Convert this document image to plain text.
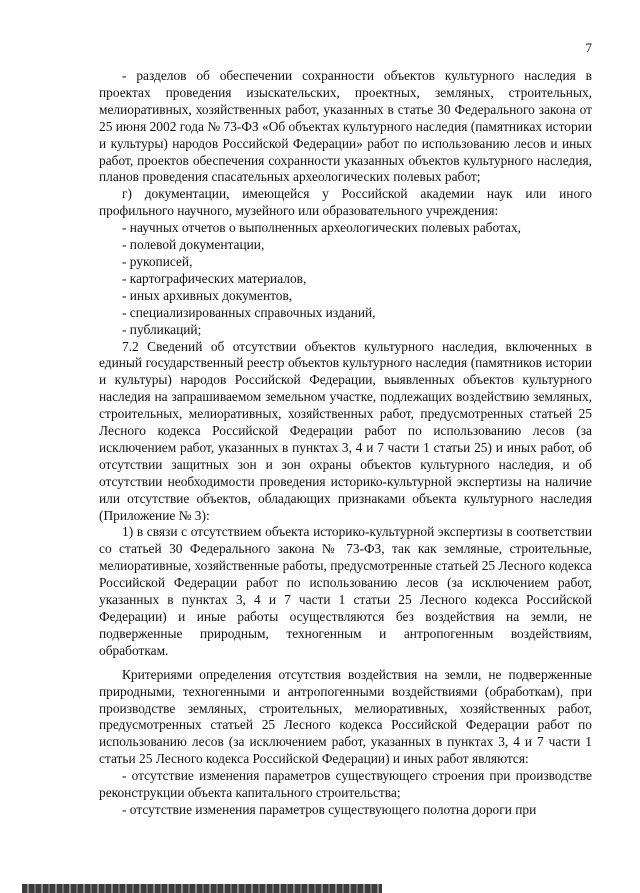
7

- разделов об обеспечении сохранности объектов культурного наследия в проектах проведения изыскательских, проектных, земляных, строительных, мелиоративных, хозяйственных работ, указанных в статье 30 Федерального закона от 25 июня 2002 года № 73-ФЗ «Об объектах культурного наследия (памятниках истории и культуры) народов Российской Федерации» работ по использованию лесов и иных работ, проектов обеспечения сохранности указанных объектов культурного наследия, планов проведения спасательных археологических полевых работ;

г) документации, имеющейся у Российской академии наук или иного профильного научного, музейного или образовательного учреждения:

- научных отчетов о выполненных археологических полевых работах,

- полевой документации,

- рукописей,

- картографических материалов,

- иных архивных документов,

- специализированных справочных изданий,

- публикаций;

7.2 Сведений об отсутствии объектов культурного наследия, включенных в единый государственный реестр объектов культурного наследия (памятников истории и культуры) народов Российской Федерации, выявленных объектов культурного наследия на запрашиваемом земельном участке, подлежащих воздействию земляных, строительных, мелиоративных, хозяйственных работ, предусмотренных статьей 25 Лесного кодекса Российской Федерации работ по использованию лесов (за исключением работ, указанных в пунктах 3, 4 и 7 части 1 статьи 25) и иных работ, об отсутствии защитных зон и зон охраны объектов культурного наследия, и об отсутствии необходимости проведения историко-культурной экспертизы на наличие или отсутствие объектов, обладающих признаками объекта культурного наследия (Приложение № 3):

1) в связи с отсутствием объекта историко-культурной экспертизы в соответствии со статьей 30 Федерального закона № 73-ФЗ, так как земляные, строительные, мелиоративные, хозяйственные работы, предусмотренные статьей 25 Лесного кодекса Российской Федерации работ по использованию лесов (за исключением работ, указанных в пунктах 3, 4 и 7 части 1 статьи 25 Лесного кодекса Российской Федерации) и иные работы осуществляются без воздействия на земли, не подверженные природным, техногенным и антропогенным воздействиям, обработкам.

Критериями определения отсутствия воздействия на земли, не подверженные природными, техногенными и антропогенными воздействиями (обработкам), при производстве земляных, строительных, мелиоративных, хозяйственных работ, предусмотренных статьей 25 Лесного кодекса Российской Федерации работ по использованию лесов (за исключением работ, указанных в пунктах 3, 4 и 7 части 1 статьи 25 Лесного кодекса Российской Федерации) и иных работ являются:

- отсутствие изменения параметров существующего строения при производстве реконструкции объекта капитального строительства;

- отсутствие изменения параметров существующего полотна дороги при
